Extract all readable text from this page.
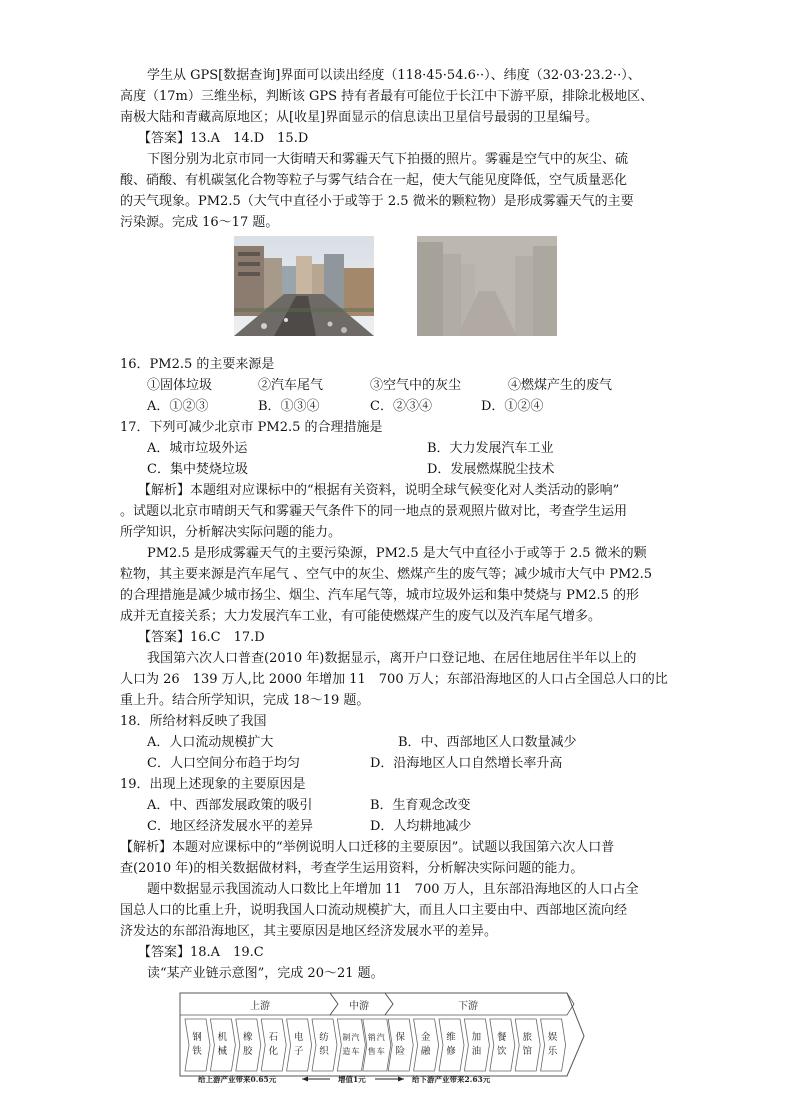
学生从 GPS[数据查询]界面可以读出经度（118·45·54.6··）、纬度（32·03·23.2··）、
高度（17m）三维坐标，判断该 GPS 持有者最有可能位于长江中下游平原，排除北极地区、
南极大陆和青藏高原地区；从[收星]界面显示的信息读出卫星信号最弱的卫星编号。
【答案】13.A　14.D　15.D
下图分别为北京市同一大街晴天和雾霾天气下拍摄的照片。雾霾是空气中的灰尘、硫
酸、硝酸、有机碳氢化合物等粒子与雾气结合在一起，使大气能见度降低，空气质量恶化
的天气现象。PM2.5（大气中直径小于或等于 2.5 微米的颗粒物）是形成雾霾天气的主要
污染源。完成 16～17 题。
16．PM2.5 的主要来源是
①固体垃圾	②汽车尾气	③空气中的灰尘	④燃煤产生的废气
A．①②③	B．①③④	C．②③④	D．①②④
17．下列可减少北京市 PM2.5 的合理措施是
A．城市垃圾外运	B．大力发展汽车工业
C．集中焚烧垃圾	D．发展燃煤脱尘技术
【解析】本题组对应课标中的“根据有关资料，说明全球气候变化对人类活动的影响”
。试题以北京市晴朗天气和雾霾天气条件下的同一地点的景观照片做对比，考查学生运用
所学知识，分析解决实际问题的能力。
PM2.5 是形成雾霾天气的主要污染源，PM2.5 是大气中直径小于或等于 2.5 微米的颗
粒物，其主要来源是汽车尾气 、空气中的灰尘、燃煤产生的废气等；减少城市大气中 PM2.5
的合理措施是减少城市扬尘、烟尘、汽车尾气等，城市垃圾外运和集中焚烧与 PM2.5 的形
成并无直接关系；大力发展汽车工业，有可能使燃煤产生的废气以及汽车尾气增多。
【答案】16.C　17.D
我国第六次人口普查(2010 年)数据显示，离开户口登记地、在居住地居住半年以上的
人口为 26　139 万人,比 2000 年增加 11　700 万人；东部沿海地区的人口占全国总人口的比
重上升。结合所学知识，完成 18～19 题。
18．所给材料反映了我国
A．人口流动规模扩大	B．中、西部地区人口数量减少
C．人口空间分布趋于均匀	D．沿海地区人口自然增长率升高
19．出现上述现象的主要原因是
A．中、西部发展政策的吸引	B．生育观念改变
C．地区经济发展水平的差异	D．人均耕地减少
【解析】本题对应课标中的“举例说明人口迁移的主要原因”。试题以我国第六次人口普
查(2010 年)的相关数据做材料，考查学生运用资料，分析解决实际问题的能力。
题中数据显示我国流动人口数比上年增加 11　700 万人，且东部沿海地区的人口占全
国总人口的比重上升，说明我国人口流动规模扩大，而且人口主要由中、西部地区流向经
济发达的东部沿海地区，其主要原因是地区经济发展水平的差异。
【答案】18.A　19.C
读“某产业链示意图”，完成 20～21 题。
上游	中游	下游
钢
铁
机
械
橡
胶
石
化
电
子
纺
织
制
造
汽
车
销
售
汽
车
保
险
金
融
维
修
加
油
餐
饮
旅
馆
娱
乐
给上游产业带来0.65元	增值1元	给下游产业带来2.63元
